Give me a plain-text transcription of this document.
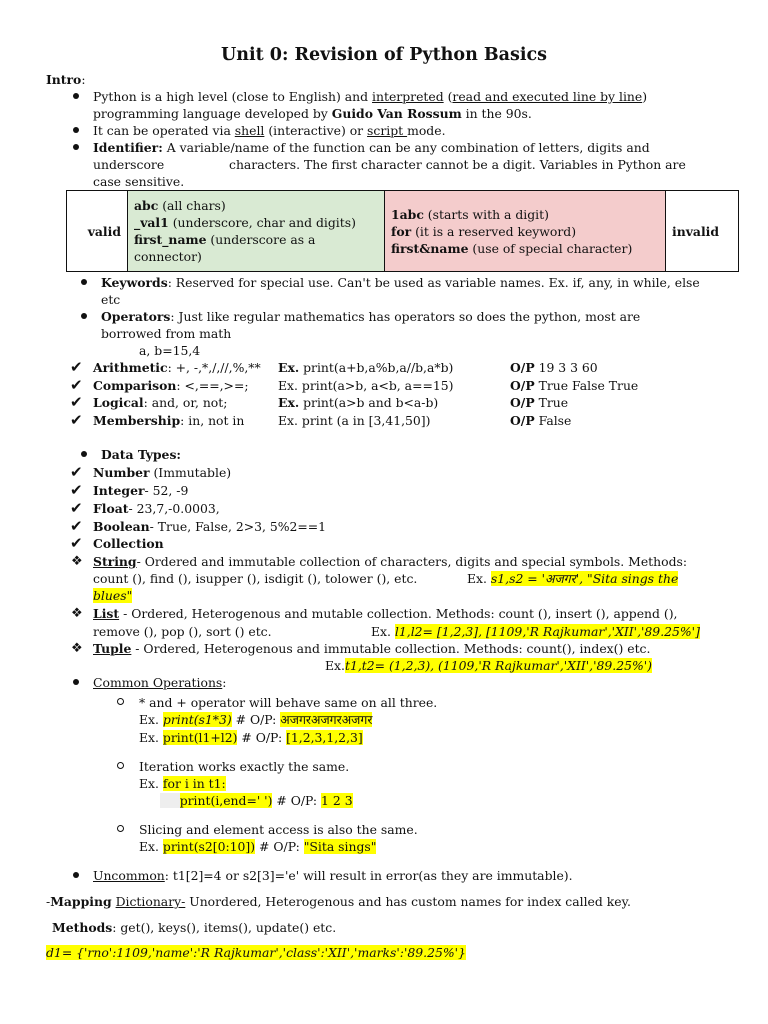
Unit 0: Revision of Python Basics
Intro:
Python is a high level (close to English) and interpreted (read and executed line by line)
programming language developed by Guido Van Rossum in the 90s.
It can be operated via shell (interactive) or script mode.
Identifier: A variable/name of the function can be any combination of letters, digits and
underscore	characters. The first character cannot be a digit. Variables in Python are
case sensitive.
valid	
abc (all chars)
_val1 (underscore, char and digits)
first_name (underscore as a
connector)

1abc (starts with a digit)
for (it is a reserved keyword)
first&name (use of special character)
	invalid
Keywords: Reserved for special use. Can't be used as variable names. Ex. if, any, in while, else
etc
Operators: Just like regular mathematics has operators so does the python, most are
borrowed from math
a, b=15,4
✔ Arithmetic: +, -,*,/,//,%,** Ex. print(a+b,a%b,a//b,a*b)	O/P 19 3 3 60
✔ Comparison: <,==,>=; Ex. print(a>b, a<b, a==15)	O/P True False True
✔ Logical: and, or, not;	Ex. print(a>b and b<a-b)	O/P True
✔ Membership: in, not in	Ex. print (a in [3,41,50])	O/P False
Data Types:
✔ Number (Immutable)
✔ Integer- 52, -9
✔ Float- 23,7,-0.0003,
✔ Boolean- True, False, 2>3, 5%2==1
✔ Collection
❖ String- Ordered and immutable collection of characters, digits and special symbols. Methods:
count (), find (), isupper (), isdigit (), tolower (), etc.	Ex. s1,s2 = 'अजगर', "Sita sings the
blues"
❖ List - Ordered, Heterogenous and mutable collection. Methods: count (), insert (), append (),
remove (), pop (), sort () etc.	Ex. l1,l2= [1,2,3], [1109,'R Rajkumar','XII','89.25%']
❖ Tuple - Ordered, Heterogenous and immutable collection. Methods: count(), index() etc.
Ex.t1,t2= (1,2,3), (1109,'R Rajkumar','XII','89.25%')
Common Operations:
* and + operator will behave same on all three.
Ex. print(s1*3) # O/P: अजगरअजगरअजगर
Ex. print(l1+l2) # O/P: [1,2,3,1,2,3]
Iteration works exactly the same.
Ex. for i in t1:
print(i,end=' ') # O/P: 1 2 3
Slicing and element access is also the same.
Ex. print(s2[0:10]) # O/P: "Sita sings"
Uncommon: t1[2]=4 or s2[3]='e' will result in error(as they are immutable).
-Mapping Dictionary- Unordered, Heterogenous and has custom names for index called key.
Methods: get(), keys(), items(), update() etc.
d1= {'rno':1109,'name':'R Rajkumar','class':'XII','marks':'89.25%'}
